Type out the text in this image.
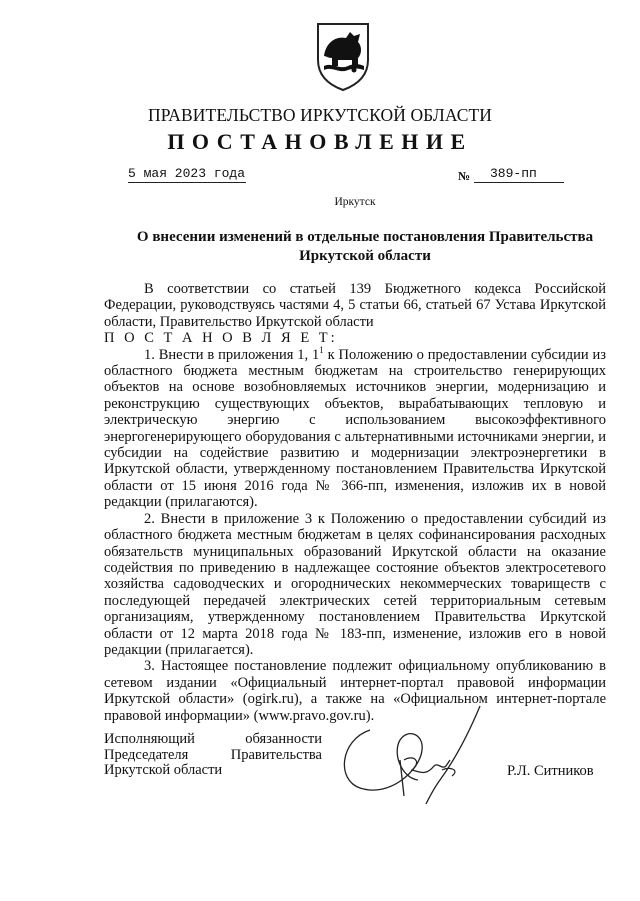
ПРАВИТЕЛЬСТВО ИРКУТСКОЙ ОБЛАСТИ
ПОСТАНОВЛЕНИЕ
5 мая 2023 года	№	389-пп
Иркутск
О внесении изменений в отдельные постановления Правительства Иркутской области

В соответствии со статьей 139 Бюджетного кодекса Российской Федерации, руководствуясь частями 4, 5 статьи 66, статьей 67 Устава Иркутской области, Правительство Иркутской области

П О С Т А Н О В Л Я Е Т:

1. Внести в приложения 1, $1^1$ к Положению о предоставлении субсидии из областного бюджета местным бюджетам на строительство генерирующих объектов на основе возобновляемых источников энергии, модернизацию и реконструкцию существующих объектов, вырабатывающих тепловую и электрическую энергию с использованием высокоэффективного энергогенерирующего оборудования с альтернативными источниками энергии, и субсидии на содействие развитию и модернизации электроэнергетики в Иркутской области, утвержденному постановлением Правительства Иркутской области от 15 июня 2016 года № 366-пп, изменения, изложив их в новой редакции (прилагаются).

2. Внести в приложение 3 к Положению о предоставлении субсидий из областного бюджета местным бюджетам в целях софинансирования расходных обязательств муниципальных образований Иркутской области на оказание содействия по приведению в надлежащее состояние объектов электросетевого хозяйства садоводческих и огороднических некоммерческих товариществ с последующей передачей электрических сетей территориальным сетевым организациям, утвержденному постановлением Правительства Иркутской области от 12 марта 2018 года № 183-пп, изменение, изложив его в новой редакции (прилагается).

3. Настоящее постановление подлежит официальному опубликованию в сетевом издании «Официальный интернет-портал правовой информации Иркутской области» (ogirk.ru), а также на «Официальном интернет-портале правовой информации» (www.pravo.gov.ru).

Исполняющий	обязанности
Председателя	Правительства
Иркутской области	Р.Л. Ситников
